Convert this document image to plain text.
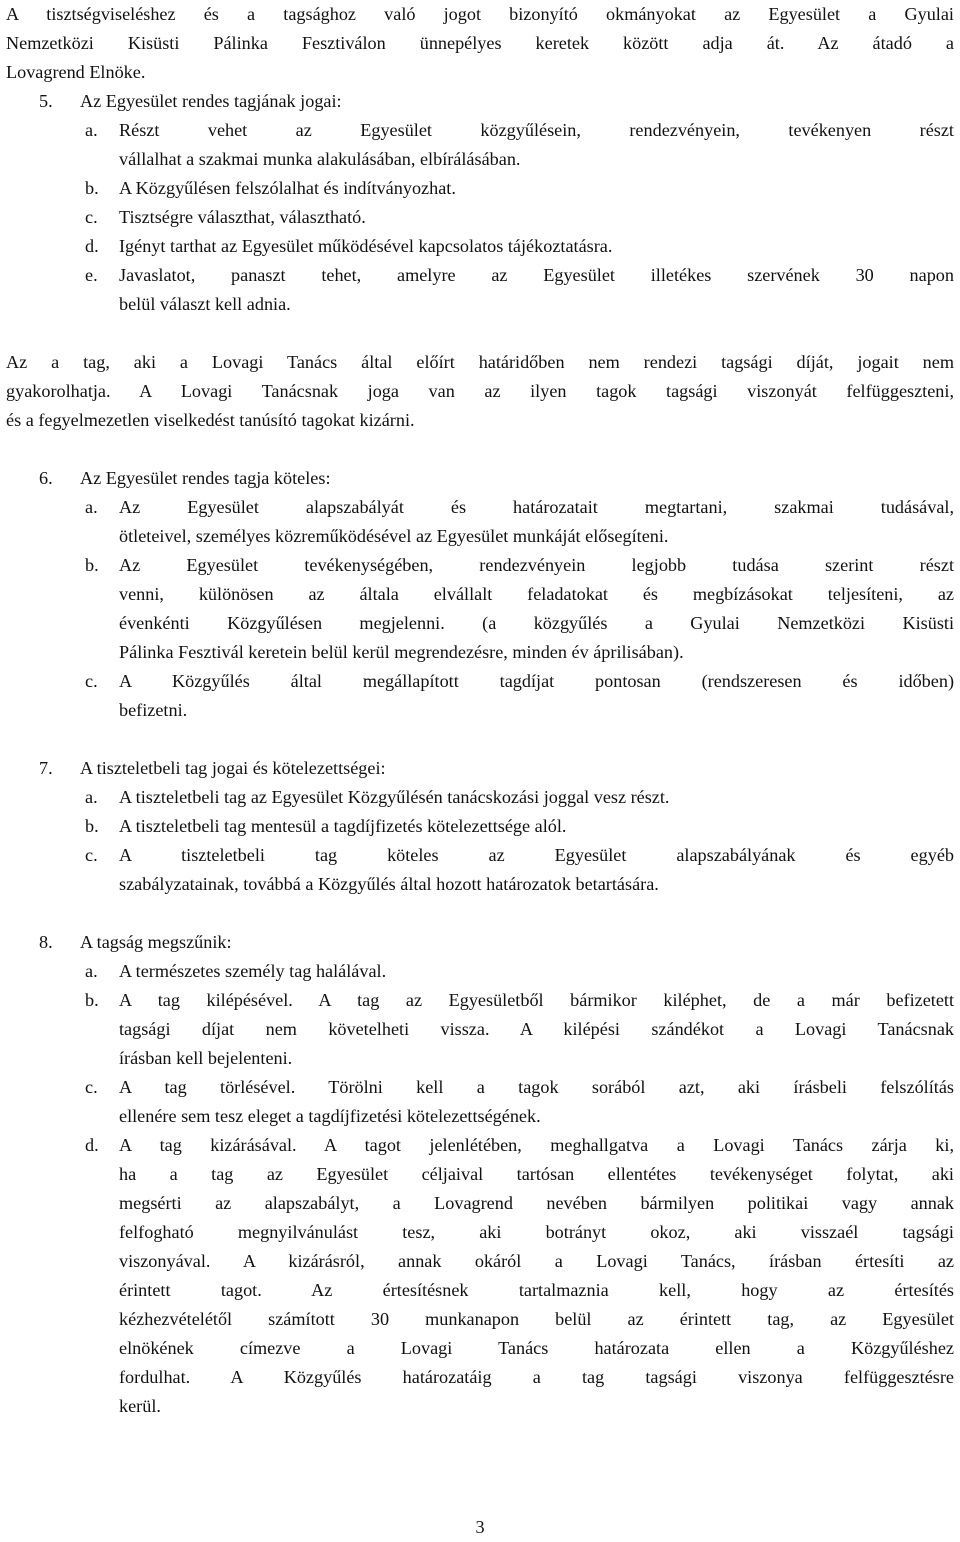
A tisztségviseléshez és a tagsághoz való jogot bizonyító okmányokat az Egyesület a Gyulai
Nemzetközi Kisüsti Pálinka Fesztiválon ünnepélyes keretek között adja át. Az átadó a
Lovagrend Elnöke.
5.	Az Egyesület rendes tagjának jogai:
a.	Részt vehet az Egyesület közgyűlésein, rendezvényein, tevékenyen részt
vállalhat a szakmai munka alakulásában, elbírálásában.
b.	A Közgyűlésen felszólalhat és indítványozhat.
c.	Tisztségre választhat, választható.
d.	Igényt tarthat az Egyesület működésével kapcsolatos tájékoztatásra.
e.	Javaslatot, panaszt tehet, amelyre az Egyesület illetékes szervének 30 napon
belül választ kell adnia.
Az a tag, aki a Lovagi Tanács által előírt határidőben nem rendezi tagsági díját, jogait nem
gyakorolhatja. A Lovagi Tanácsnak joga van az ilyen tagok tagsági viszonyát felfüggeszteni,
és a fegyelmezetlen viselkedést tanúsító tagokat kizárni.
6.	Az Egyesület rendes tagja köteles:
a.	Az Egyesület alapszabályát és határozatait megtartani, szakmai tudásával,
ötleteivel, személyes közreműködésével az Egyesület munkáját elősegíteni.
b.	Az Egyesület tevékenységében, rendezvényein legjobb tudása szerint részt
venni, különösen az általa elvállalt feladatokat és megbízásokat teljesíteni, az
évenkénti Közgyűlésen megjelenni. (a közgyűlés a Gyulai Nemzetközi Kisüsti
Pálinka Fesztivál keretein belül kerül megrendezésre, minden év áprilisában).
c.	A Közgyűlés által megállapított tagdíjat pontosan (rendszeresen és időben)
befizetni.
7.	A tiszteletbeli tag jogai és kötelezettségei:
a.	A tiszteletbeli tag az Egyesület Közgyűlésén tanácskozási joggal vesz részt.
b.	A tiszteletbeli tag mentesül a tagdíjfizetés kötelezettsége alól.
c.	A tiszteletbeli tag köteles az Egyesület alapszabályának és egyéb
szabályzatainak, továbbá a Közgyűlés által hozott határozatok betartására.
8.	A tagság megszűnik:
a.	A természetes személy tag halálával.
b.	A tag kilépésével. A tag az Egyesületből bármikor kiléphet, de a már befizetett
tagsági díjat nem követelheti vissza. A kilépési szándékot a Lovagi Tanácsnak
írásban kell bejelenteni.
c.	A tag törlésével. Törölni kell a tagok sorából azt, aki írásbeli felszólítás
ellenére sem tesz eleget a tagdíjfizetési kötelezettségének.
d.	A tag kizárásával. A tagot jelenlétében, meghallgatva a Lovagi Tanács zárja ki,
ha a tag az Egyesület céljaival tartósan ellentétes tevékenységet folytat, aki
megsérti az alapszabályt, a Lovagrend nevében bármilyen politikai vagy annak
felfogható megnyilvánulást tesz, aki botrányt okoz, aki visszaél tagsági
viszonyával. A kizárásról, annak okáról a Lovagi Tanács, írásban értesíti az
érintett tagot. Az értesítésnek tartalmaznia kell, hogy az értesítés
kézhezvételétől számított 30 munkanapon belül az érintett tag, az Egyesület
elnökének címezve a Lovagi Tanács határozata ellen a Közgyűléshez
fordulhat. A Közgyűlés határozatáig a tag tagsági viszonya felfüggesztésre
kerül.
3
